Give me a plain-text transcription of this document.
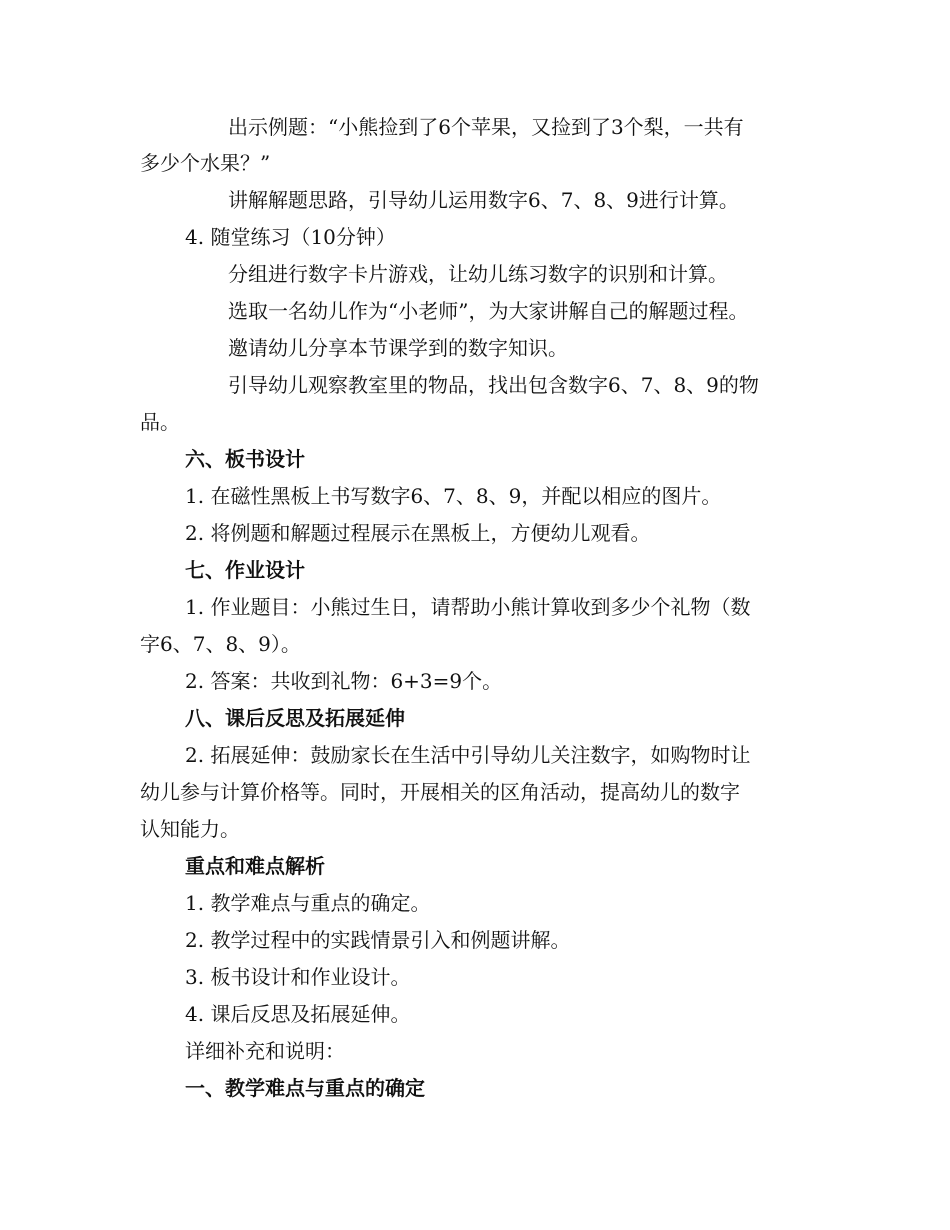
出示例题：“小熊捡到了6个苹果，又捡到了3个梨，一共有
多少个水果？”
讲解解题思路，引导幼儿运用数字6、7、8、9进行计算。
4. 随堂练习（10分钟）
分组进行数字卡片游戏，让幼儿练习数字的识别和计算。
选取一名幼儿作为“小老师”，为大家讲解自己的解题过程。
邀请幼儿分享本节课学到的数字知识。
引导幼儿观察教室里的物品，找出包含数字6、7、8、9的物
品。
六、板书设计
1. 在磁性黑板上书写数字6、7、8、9，并配以相应的图片。
2. 将例题和解题过程展示在黑板上，方便幼儿观看。
七、作业设计
1. 作业题目：小熊过生日，请帮助小熊计算收到多少个礼物（数
字6、7、8、9）。
2. 答案：共收到礼物：6+3=9个。
八、课后反思及拓展延伸
2. 拓展延伸：鼓励家长在生活中引导幼儿关注数字，如购物时让
幼儿参与计算价格等。同时，开展相关的区角活动，提高幼儿的数字
认知能力。
重点和难点解析
1. 教学难点与重点的确定。
2. 教学过程中的实践情景引入和例题讲解。
3. 板书设计和作业设计。
4. 课后反思及拓展延伸。
详细补充和说明：
一、教学难点与重点的确定
